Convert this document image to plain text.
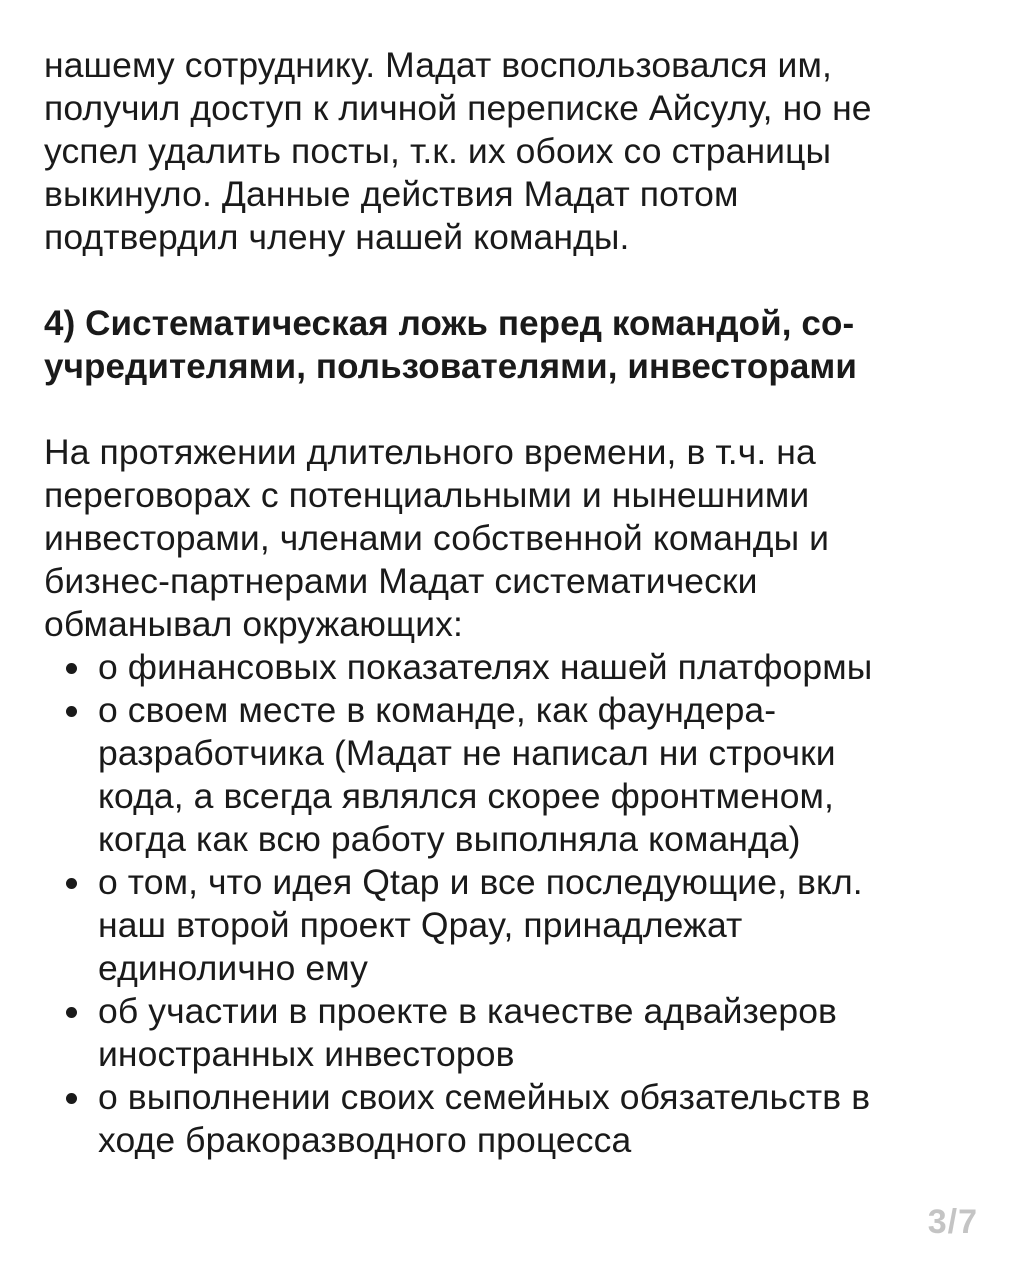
нашему сотруднику. Мадат воспользовался им,
получил доступ к личной переписке Айсулу, но не
успел удалить посты, т.к. их обоих со страницы
выкинуло. Данные действия Мадат потом
подтвердил члену нашей команды.
4) Систематическая ложь перед командой, со-
учредителями, пользователями, инвесторами
На протяжении длительного времени, в т.ч. на
переговорах с потенциальными и нынешними
инвесторами, членами собственной команды и
бизнес-партнерами Мадат систематически
обманывал окружающих:
о финансовых показателях нашей платформы
о своем месте в команде, как фаундера-
разработчика (Мадат не написал ни строчки
кода, а всегда являлся скорее фронтменом,
когда как всю работу выполняла команда)
о том, что идея Qtap и все последующие, вкл.
наш второй проект Qpay, принадлежат
единолично ему
об участии в проекте в качестве адвайзеров
иностранных инвесторов
о выполнении своих семейных обязательств в
ходе бракоразводного процесса
3/7
